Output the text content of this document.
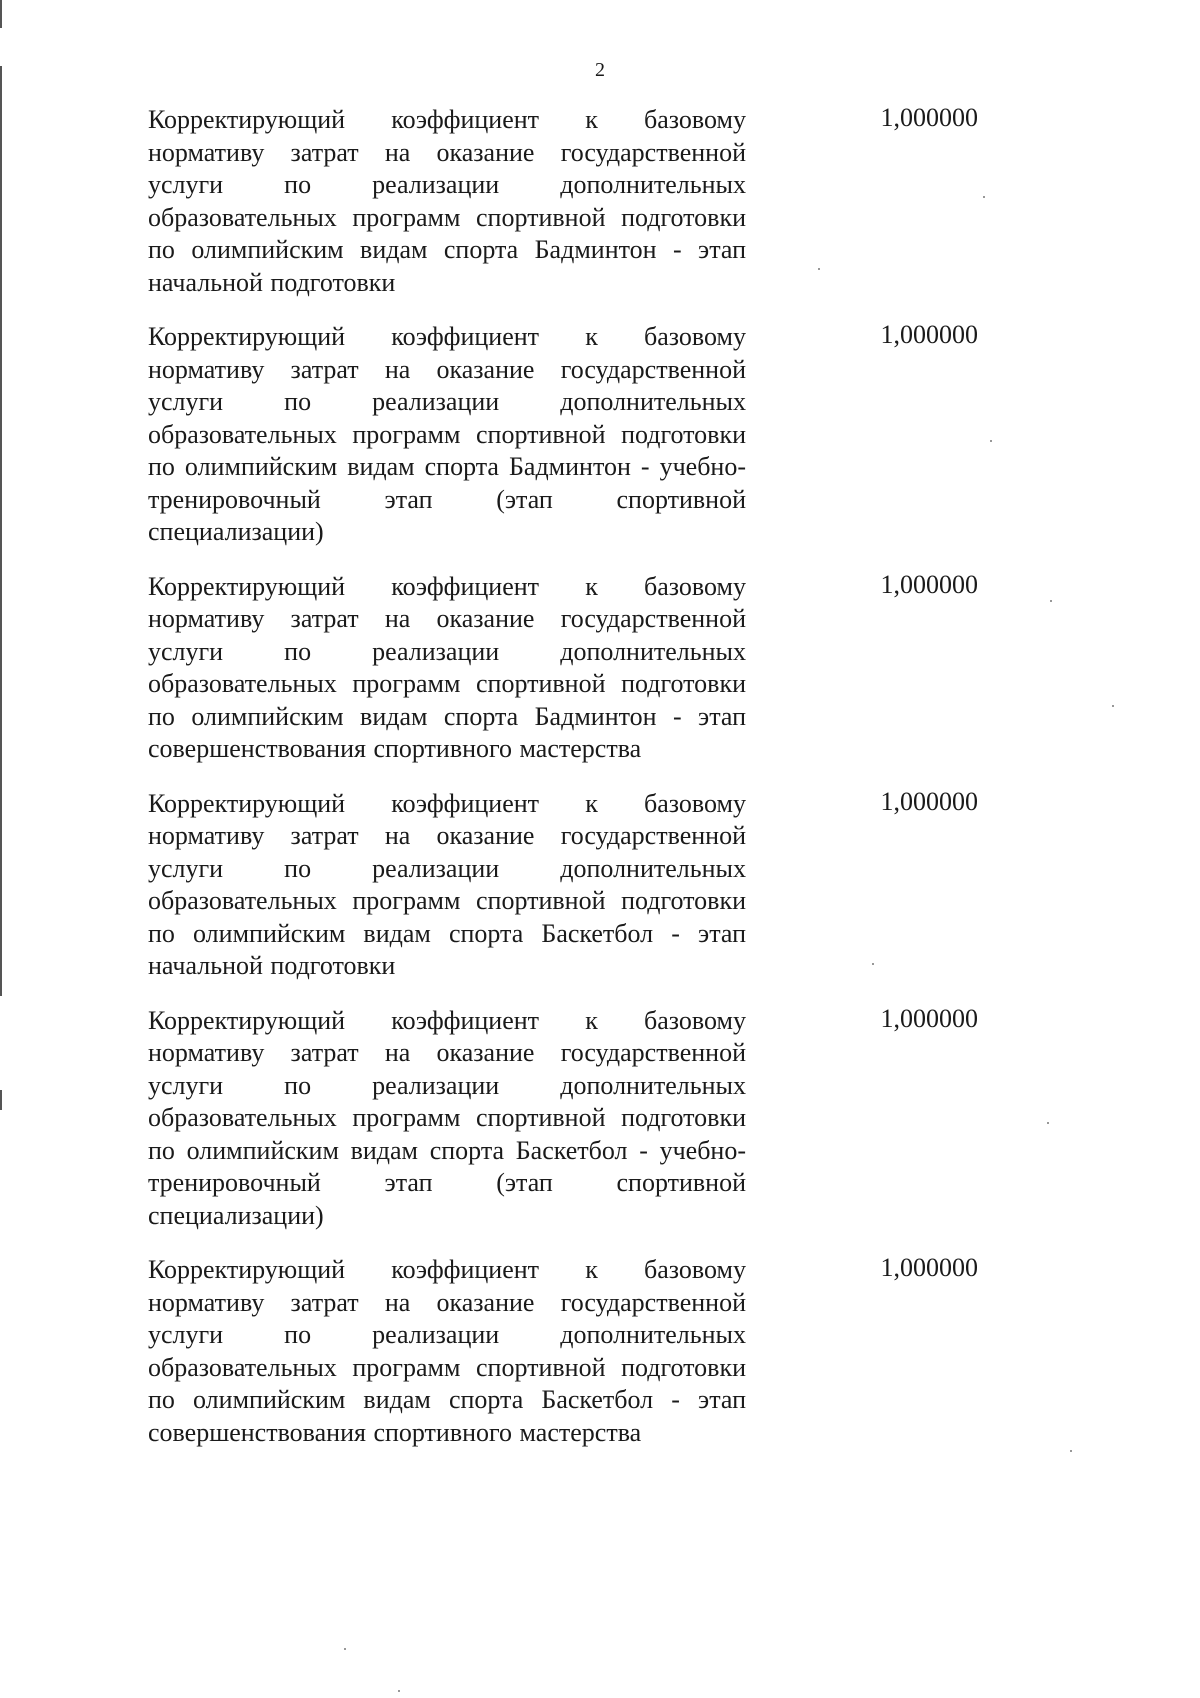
2

Корректирующий коэффициент к базовому нормативу затрат на оказание государственной услуги по реализации дополнительных образовательных программ спортивной подготовки по олимпийским видам спорта Бадминтон - этап начальной подготовки

1,000000

Корректирующий коэффициент к базовому нормативу затрат на оказание государственной услуги по реализации дополнительных образовательных программ спортивной подготовки по олимпийским видам спорта Бадминтон - учебно-тренировочный этап (этап спортивной специализации)

1,000000

Корректирующий коэффициент к базовому нормативу затрат на оказание государственной услуги по реализации дополнительных образовательных программ спортивной подготовки по олимпийским видам спорта Бадминтон - этап совершенствования спортивного мастерства

1,000000

Корректирующий коэффициент к базовому нормативу затрат на оказание государственной услуги по реализации дополнительных образовательных программ спортивной подготовки по олимпийским видам спорта Баскетбол - этап начальной подготовки

1,000000

Корректирующий коэффициент к базовому нормативу затрат на оказание государственной услуги по реализации дополнительных образовательных программ спортивной подготовки по олимпийским видам спорта Баскетбол - учебно-тренировочный этап (этап спортивной специализации)

1,000000

Корректирующий коэффициент к базовому нормативу затрат на оказание государственной услуги по реализации дополнительных образовательных программ спортивной подготовки по олимпийским видам спорта Баскетбол - этап совершенствования спортивного мастерства

1,000000
